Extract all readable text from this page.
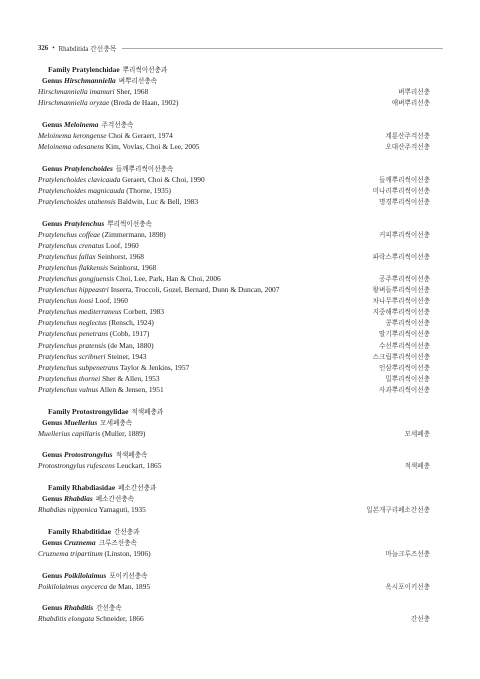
326 • Rhabditida 간선충목
Family Pratylenchidae 뿌리썩이선충과
Genus Hirschmanniella 벼뿌리선충속
Hirschmanniella imamuri Sher, 1968	벼뿌리선충
Hirschmanniella oryzae (Breda de Haan, 1902)	애벼뿌리선충
Genus Meloinema 주걱선충속
Meloinema kerongense Choi & Geraert, 1974	계룡산주걱선충
Meloinema odesanens Kim, Vovlas, Choi & Lee, 2005	오대산주걱선충
Genus Pratylenchoides 들깨뿌리썩이선충속
Pratylenchoides clavicauda Geraert, Choi & Choi, 1990	들깨뿌리썩이선충
Pratylenchoides magnicauda (Thorne, 1935)	미나리뿌리썩이선충
Pratylenchoides utahensis Baldwin, Luc & Bell, 1983	명경뿌리썩이선충
Genus Pratylenchus 뿌리썩이선충속
Pratylenchus coffeae (Zimmermann, 1898)	커피뿌리썩이선충
Pratylenchus crenatus Loof, 1960
Pratylenchus fallax Seinhorst, 1968	파락스뿌리썩이선충
Pratylenchus flakkensis Seinhorst, 1968
Pratylenchus gongjuensis Choi, Lee, Park, Han & Choi, 2006	공주뿌리썩이선충
Pratylenchus hippeastri Inserra, Troccoli, Gozel, Bernard, Dunn & Duncan, 2007	왕벼들뿌리썩이선충
Pratylenchus loosi Loof, 1960	차나무뿌리썩이선충
Pratylenchus mediterraneus Corbett, 1983	지중해뿌리썩이선충
Pratylenchus neglectus (Rensch, 1924)	콩뿌리썩이선충
Pratylenchus penetrans (Cobb, 1917)	딸기뿌리썩이선충
Pratylenchus pratensis (de Man, 1880)	수선뿌리썩이선충
Pratylenchus scribneri Steiner, 1943	스크립뿌리썩이선충
Pratylenchus subpenetrans Taylor & Jenkins, 1957	인삼뿌리썩이선충
Pratylenchus thornei Sher & Allen, 1953	밀뿌리썩이선충
Pratylenchus vulnus Allen & Jensen, 1951	사과뿌리썩이선충
Family Protostrongylidae 적색폐충과
Genus Muellerius 모세폐충속
Muellerius capillaris (Muller, 1889)	모세폐충
Genus Protostrongylus 적색폐충속
Protostrongylus rufescens Leuckart, 1865	적색폐충
Family Rhabdiasidae 폐소간선충과
Genus Rhabdias 폐소간선충속
Rhabdias nipponica Yamaguti, 1935	일본개구리폐소간선충
Family Rhabditidae 간선충과
Genus Cruznema 크루즈선충속
Cruznema tripartitum (Linston, 1906)	마늘크루즈선충
Genus Poikilolaimus 포이키선충속
Poikilolaimus oxycerca de Man, 1895	옥시포이키선충
Genus Rhabditis 간선충속
Rhabditis elongata Schneider, 1866	간선충
